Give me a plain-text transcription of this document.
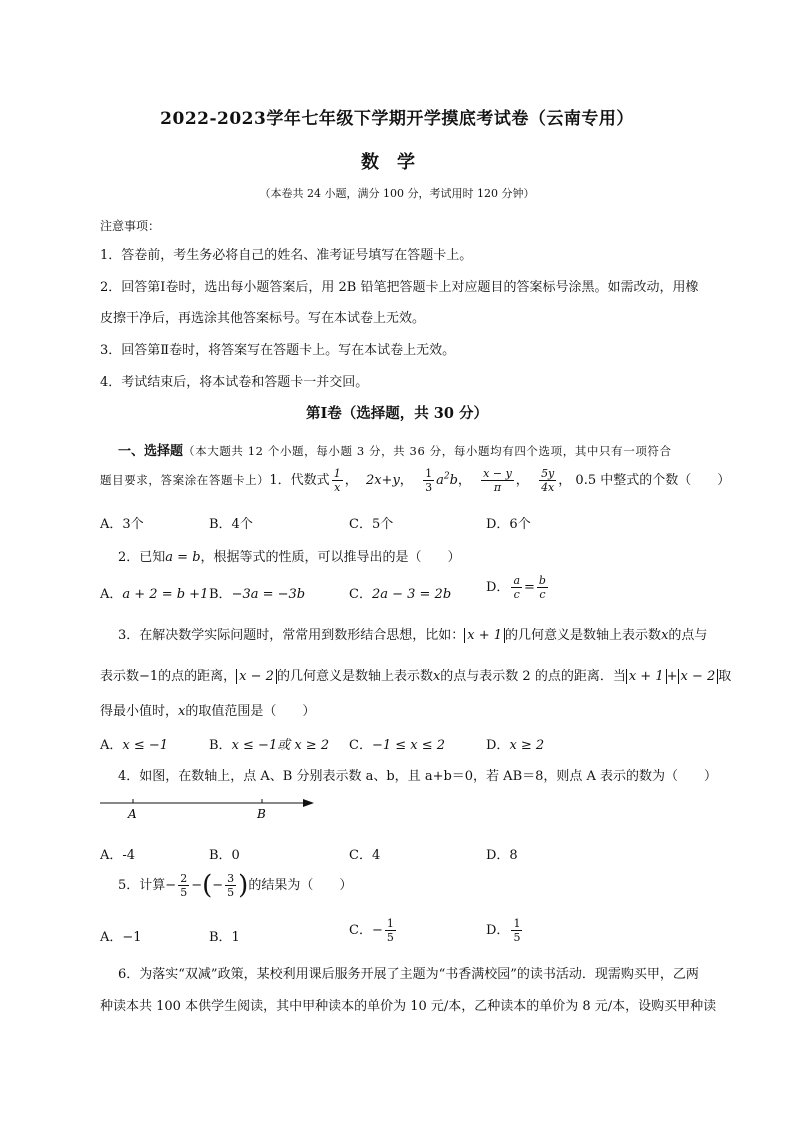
2022-2023学年七年级下学期开学摸底考试卷（云南专用）
数学
（本卷共 24 小题，满分 100 分，考试用时 120 分钟）
注意事项：
1．答卷前，考生务必将自己的姓名、准考证号填写在答题卡上。
2．回答第Ⅰ卷时，选出每小题答案后，用 2B 铅笔把答题卡上对应题目的答案标号涂黑。如需改动，用橡
皮擦干净后，再选涂其他答案标号。写在本试卷上无效。
3．回答第Ⅱ卷时，将答案写在答题卡上。写在本试卷上无效。
4．考试结束后，将本试卷和答题卡一并交回。
第Ⅰ卷（选择题，共 30 分）
一、选择题（本大题共 12 个小题，每小题 3 分，共 36 分，每小题均有四个选项，其中只有一项符合
题目要求，答案涂在答题卡上）1．代数式 $\frac{1}{x}$ ，  2x+y， $\frac{1}{3} a^2b$， $\frac{x - y}{\pi}$ ， $\frac{5y}{4x}$ ， 0.5 中整式的个数（　　）
A．3个	B．4个	C．5个	D．6个
2．已知a = b，根据等式的性质，可以推导出的是（　　）
A．a + 2 = b +1 B．−3a = −3b	C．2a − 3 = 2b	D． $\frac{a}{c} = \frac{b}{c}$
3．在解决数学实际问题时，常常用到数形结合思想，比如： x + 1 的几何意义是数轴上表示数x的点与
表示数−1的点的距离， x − 2 的几何意义是数轴上表示数x的点与表示数 2 的点的距离．当 x + 1 + x − 2 取
得最小值时，x的取值范围是（　　）
A．x ≤ −1	B．x ≤ −1或 x ≥ 2 C．−1 ≤ x ≤ 2	D．x ≥ 2
4．如图，在数轴上，点 A、B 分别表示数 a、b，且 a+b＝0，若 AB＝8，则点 A 表示的数为（　　）
A	B
A．-4	B．0	C．4	D．8
5．计算− $\frac{2}{5}$ −(− $\frac{3}{5}$ )的结果为（　　）
A．−1	B．1	C．− $\frac{1}{5}$	D． $\frac{1}{5}$
6．为落实“双减”政策，某校利用课后服务开展了主题为“书香满校园”的读书活动．现需购买甲，乙两
种读本共 100 本供学生阅读，其中甲种读本的单价为 10 元/本，乙种读本的单价为 8 元/本，设购买甲种读
